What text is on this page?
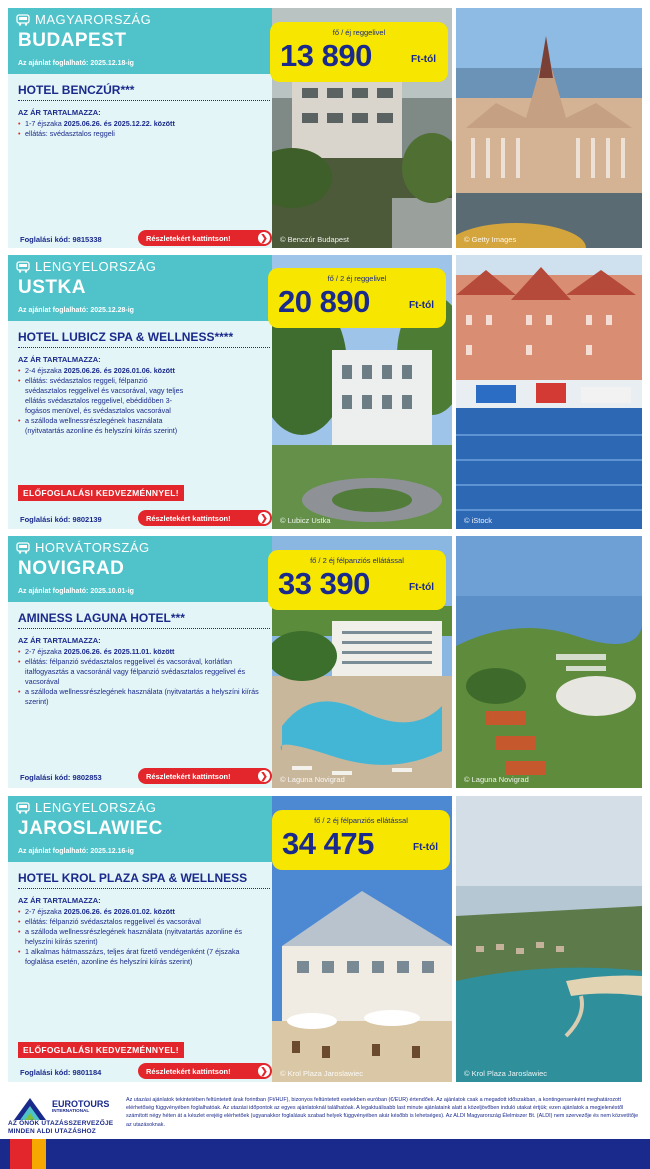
MAGYARORSZÁG
BUDAPEST
Az ajánlat foglalható: 2025.12.18-ig
HOTEL BENCZÚR***
AZ ÁR TARTALMAZZA:
• 1-7 éjszaka 2025.06.26. és 2025.12.22. között
• ellátás: svédasztalos reggeli
Foglalási kód: 9815338	Részletekért kattintson!	❯ © Benczúr Budapest	© Getty Images
fő / éj reggelivel
13 890	Ft-tól
LENGYELORSZÁG
USTKA
Az ajánlat foglalható: 2025.12.28-ig
HOTEL LUBICZ SPA & WELLNESS****
AZ ÁR TARTALMAZZA:
• 2-4 éjszaka 2025.06.26. és 2026.01.06. között
• ellátás: svédasztalos reggeli, félpanzió svédasztalos reggelivel és vacsorával, vagy teljes ellátás svédasztalos reggelivel, ebédidőben 3-fogásos menüvel, és svédasztalos vacsorával
• a szálloda wellnessrészlegének használata (nyitvatartás azonline és helyszíni kiírás szerint)
ELŐFOGLALÁSI KEDVEZMÉNNYEL!
Foglalási kód: 9802139	Részletekért kattintson!	❯ © Lubicz Ustka	© iStock
fő / 2 éj reggelivel
20 890	Ft-tól
HORVÁTORSZÁG
NOVIGRAD
Az ajánlat foglalható: 2025.10.01-ig
AMINESS LAGUNA HOTEL***
AZ ÁR TARTALMAZZA:
• 2-7 éjszaka 2025.06.26. és 2025.11.01. között
• ellátás: félpanzió svédasztalos reggelivel és vacsorával, korlátlan italfogyasztás a vacsoránál vagy félpanzió svédasztalos reggelivel és vacsorával
• a szálloda wellnessrészlegének használata (nyitvatartás a helyszíni kiírás szerint)
Foglalási kód: 9802853	Részletekért kattintson!	❯ © Laguna Novigrad	© Laguna Novigrad
fő / 2 éj félpanziós ellátással
33 390	Ft-tól
LENGYELORSZÁG
JAROSLAWIEC
Az ajánlat foglalható: 2025.12.16-ig
HOTEL KROL PLAZA SPA & WELLNESS
AZ ÁR TARTALMAZZA:
• 2-7 éjszaka 2025.06.26. és 2026.01.02. között
• ellátás: félpanzió svédasztalos reggelivel és vacsorával
• a szálloda wellnessrészlegének használata (nyitvatartás azonline és helyszíni kiírás szerint)
• 1 alkalmas hátmasszázs, teljes árat fizető vendégenként (7 éjszaka foglalása esetén, azonline és helyszíni kiírás szerint)
ELŐFOGLALÁSI KEDVEZMÉNNYEL!
Foglalási kód: 9801184	Részletekért kattintson!	❯ © Krol Plaza Jaroslawiec	© Krol Plaza Jaroslawiec
fő / 2 éj félpanziós ellátással
34 475	Ft-tól
EUROTOURS
INTERNATIONAL
AZ ÖNÖK UTAZÁSSZERVEZŐJE
MINDEN ALDI UTAZÁSHOZ
Az utazási ajánlatok tekintetében feltüntetett árak forintban (Ft/HUF), bizonyos feltüntetett esetekben euróban (€/EUR) értendőek. Az ajánlatok csak a megadott időszakban, a kontingensenként meghatározott elérhetőség függvényében foglalhatóak. Az utazási időpontok az egyes ajánlatoknál találhatóak. A legaktuálisabb last minute ajánlataink alatt a közeljövőben induló utakat értjük; ezen ajánlatok a megjelenéstől számított négy héten át a készlet erejéig elérhetőek (ugyanakkor foglalásuk szabad helyek függvényében akár később is lehetséges). Az ALDI Magyarország Élelmiszer Bt. (ALDI) nem szervezője és nem közvetítője az utazásoknak.
